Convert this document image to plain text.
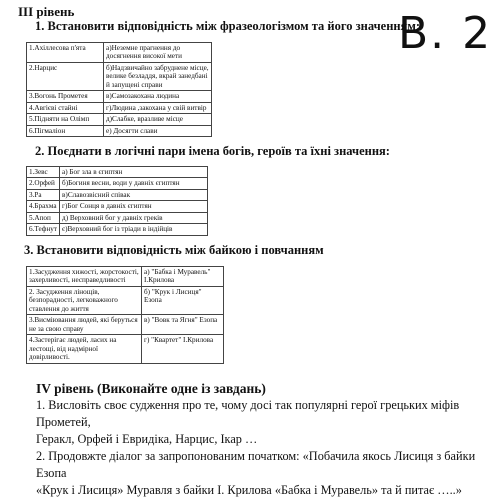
III рівень
1. Встановити відповідність між фразеологізмом та його значенням:
В. 2
1.Ахіллесова п'ята	а)Неземне прагнення до досягнення високої мети
2.Нарцис	б)Надзвичайно забруднене місце, велике безладдя, вкрай занедбані й запущені справи
3.Вогонь Прометея	в)Самозакохана людина
4.Авгієві стайні	г)Людина ,закохана у свій витвір
5.Підняти на Олімп	д)Слабке, вразливе місце
6.Пігмаліон	е) Досягти слави
2. Поєднати в логічні пари імена богів, героїв та їхні значення:
1.Зевс	а) Бог зла в єгиптян
2.Орфей	б)Богиня весни, води у давніх єгиптян
3.Ра	в)Славозвісний співак
4.Брахма	г)Бог Сонця в давніх єгиптян
5.Апоп	д) Верховний бог у давніх греків
6.Тефнут	є)Верховний бог із тріади в індійців
3. Встановити відповідність між байкою і повчанням
1.Засудження хижості, жорстокості, захерливості, несправедливості	а) "Бабка і Муравель" І.Крилова
2. Засудження лінощів, безпорадності, легковажного ставлення до життя	б) "Крук і Лисиця" Езопа
3.Висміювання людей, які беруться не за свою справу	в) "Вовк та Ягня" Езопа
4.Застерігає людей, ласих на лестощі, від надмірної довірливості.	г) "Квартет" І.Крилова
IV рівень (Виконайте одне із завдань)
1. Висловіть своє судження про те, чому досі так популярні герої грецьких міфів Прометей,
Геракл, Орфей і Евридіка, Нарцис, Ікар …
2. Продовжте діалог за запропонованим початком: «Побачила якось Лисиця з байки Езопа
«Крук і Лисиця» Муравля з байки І. Крилова «Бабка і Муравель» та й питає …..»
